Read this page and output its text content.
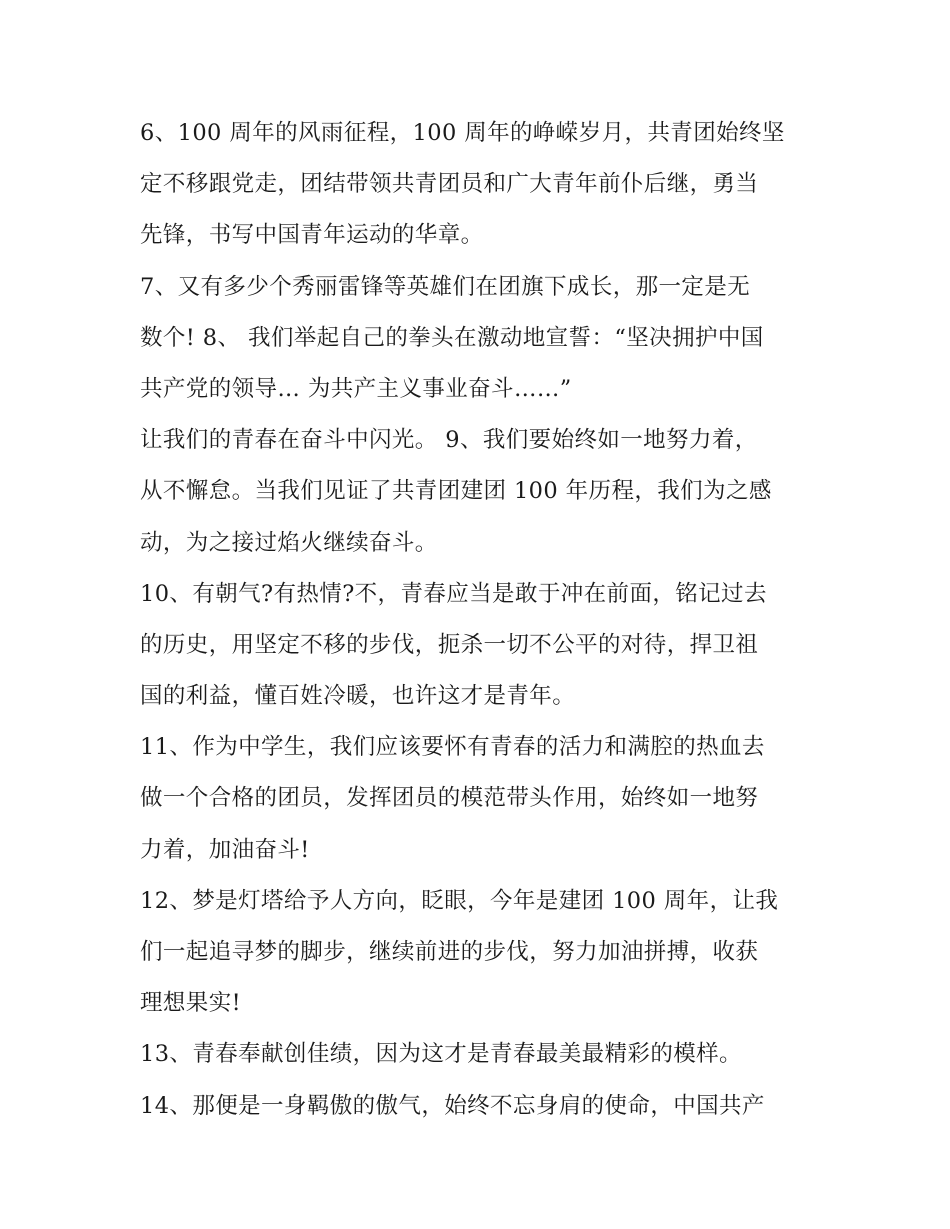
6、100 周年的风雨征程，100 周年的峥嵘岁月，共青团始终坚
定不移跟党走，团结带领共青团员和广大青年前仆后继，勇当
先锋，书写中国青年运动的华章。
7、又有多少个秀丽雷锋等英雄们在团旗下成长，那一定是无
数个! 8、 我们举起自己的拳头在激动地宣誓：“坚决拥护中国
共产党的领导… 为共产主义事业奋斗……”
让我们的青春在奋斗中闪光。 9、我们要始终如一地努力着，
从不懈怠。当我们见证了共青团建团 100 年历程，我们为之感
动，为之接过焰火继续奋斗。
10、有朝气?有热情?不，青春应当是敢于冲在前面，铭记过去
的历史，用坚定不移的步伐，扼杀一切不公平的对待，捍卫祖
国的利益，懂百姓冷暖，也许这才是青年。
11、作为中学生，我们应该要怀有青春的活力和满腔的热血去
做一个合格的团员，发挥团员的模范带头作用，始终如一地努
力着，加油奋斗!
12、梦是灯塔给予人方向，眨眼，今年是建团 100 周年，让我
们一起追寻梦的脚步，继续前进的步伐，努力加油拼搏，收获
理想果实!
13、青春奉献创佳绩，因为这才是青春最美最精彩的模样。
14、那便是一身羁傲的傲气，始终不忘身肩的使命，中国共产
